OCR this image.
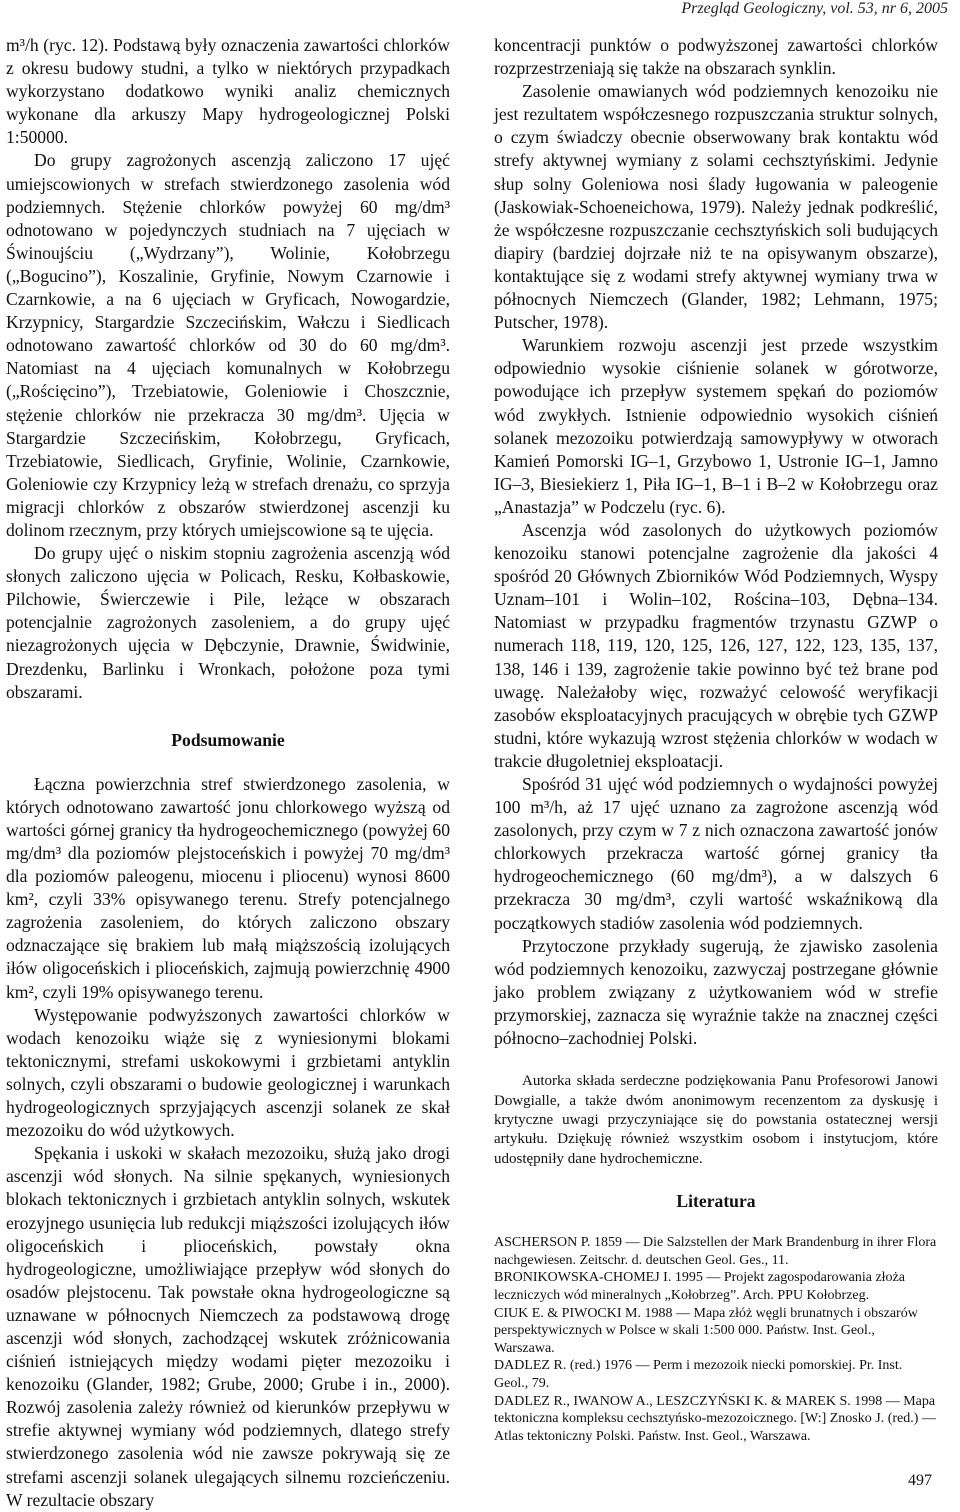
Przegląd Geologiczny, vol. 53, nr 6, 2005

m³/h (ryc. 12). Podstawą były oznaczenia zawartości chlorków z okresu budowy studni, a tylko w niektórych przypadkach wykorzystano dodatkowo wyniki analiz chemicznych wykonane dla arkuszy Mapy hydrogeologicznej Polski 1:50000.

Do grupy zagrożonych ascenzją zaliczono 17 ujęć umiejscowionych w strefach stwierdzonego zasolenia wód podziemnych. Stężenie chlorków powyżej 60 mg/dm³ odnotowano w pojedynczych studniach na 7 ujęciach w Świnoujściu („Wydrzany”), Wolinie, Kołobrzegu („Bogucino”), Koszalinie, Gryfinie, Nowym Czarnowie i Czarnkowie, a na 6 ujęciach w Gryficach, Nowogardzie, Krzypnicy, Stargardzie Szczecińskim, Wałczu i Siedlicach odnotowano zawartość chlorków od 30 do 60 mg/dm³. Natomiast na 4 ujęciach komunalnych w Kołobrzegu („Rościęcino”), Trzebiatowie, Goleniowie i Choszcznie, stężenie chlorków nie przekracza 30 mg/dm³. Ujęcia w Stargardzie Szczecińskim, Kołobrzegu, Gryficach, Trzebiatowie, Siedlicach, Gryfinie, Wolinie, Czarnkowie, Goleniowie czy Krzypnicy leżą w strefach drenażu, co sprzyja migracji chlorków z obszarów stwierdzonej ascenzji ku dolinom rzecznym, przy których umiejscowione są te ujęcia.

Do grupy ujęć o niskim stopniu zagrożenia ascenzją wód słonych zaliczono ujęcia w Policach, Resku, Kołbaskowie, Pilchowie, Świerczewie i Pile, leżące w obszarach potencjalnie zagrożonych zasoleniem, a do grupy ujęć niezagrożonych ujęcia w Dębczynie, Drawnie, Świdwinie, Drezdenku, Barlinku i Wronkach, położone poza tymi obszarami.

Podsumowanie

Łączna powierzchnia stref stwierdzonego zasolenia, w których odnotowano zawartość jonu chlorkowego wyższą od wartości górnej granicy tła hydrogeochemicznego (powyżej 60 mg/dm³ dla poziomów plejstoceńskich i powyżej 70 mg/dm³ dla poziomów paleogenu, miocenu i pliocenu) wynosi 8600 km², czyli 33% opisywanego terenu. Strefy potencjalnego zagrożenia zasoleniem, do których zaliczono obszary odznaczające się brakiem lub małą miąższością izolujących iłów oligoceńskich i plioceńskich, zajmują powierzchnię 4900 km², czyli 19% opisywanego terenu.

Występowanie podwyższonych zawartości chlorków w wodach kenozoiku wiąże się z wyniesionymi blokami tektonicznymi, strefami uskokowymi i grzbietami antyklin solnych, czyli obszarami o budowie geologicznej i warunkach hydrogeologicznych sprzyjających ascenzji solanek ze skał mezozoiku do wód użytkowych.

Spękania i uskoki w skałach mezozoiku, służą jako drogi ascenzji wód słonych. Na silnie spękanych, wyniesionych blokach tektonicznych i grzbietach antyklin solnych, wskutek erozyjnego usunięcia lub redukcji miąższości izolujących iłów oligoceńskich i plioceńskich, powstały okna hydrogeologiczne, umożliwiające przepływ wód słonych do osadów plejstocenu. Tak powstałe okna hydrogeologiczne są uznawane w północnych Niemczech za podstawową drogę ascenzji wód słonych, zachodzącej wskutek zróżnicowania ciśnień istniejących między wodami pięter mezozoiku i kenozoiku (Glander, 1982; Grube, 2000; Grube i in., 2000). Rozwój zasolenia zależy również od kierunków przepływu w strefie aktywnej wymiany wód podziemnych, dlatego strefy stwierdzonego zasolenia wód nie zawsze pokrywają się ze strefami ascenzji solanek ulegających silnemu rozcieńczeniu. W rezultacie obszary

koncentracji punktów o podwyższonej zawartości chlorków rozprzestrzeniają się także na obszarach synklin.

Zasolenie omawianych wód podziemnych kenozoiku nie jest rezultatem współczesnego rozpuszczania struktur solnych, o czym świadczy obecnie obserwowany brak kontaktu wód strefy aktywnej wymiany z solami cechsztyńskimi. Jedynie słup solny Goleniowa nosi ślady ługowania w paleogenie (Jaskowiak-Schoeneichowa, 1979). Należy jednak podkreślić, że współczesne rozpuszczanie cechsztyńskich soli budujących diapiry (bardziej dojrzałe niż te na opisywanym obszarze), kontaktujące się z wodami strefy aktywnej wymiany trwa w północnych Niemczech (Glander, 1982; Lehmann, 1975; Putscher, 1978).

Warunkiem rozwoju ascenzji jest przede wszystkim odpowiednio wysokie ciśnienie solanek w górotworze, powodujące ich przepływ systemem spękań do poziomów wód zwykłych. Istnienie odpowiednio wysokich ciśnień solanek mezozoiku potwierdzają samowypływy w otworach Kamień Pomorski IG–1, Grzybowo 1, Ustronie IG–1, Jamno IG–3, Biesiekierz 1, Piła IG–1, B–1 i B–2 w Kołobrzegu oraz „Anastazja” w Podczelu (ryc. 6).

Ascenzja wód zasolonych do użytkowych poziomów kenozoiku stanowi potencjalne zagrożenie dla jakości 4 spośród 20 Głównych Zbiorników Wód Podziemnych, Wyspy Uznam–101 i Wolin–102, Rościna–103, Dębna–134. Natomiast w przypadku fragmentów trzynastu GZWP o numerach 118, 119, 120, 125, 126, 127, 122, 123, 135, 137, 138, 146 i 139, zagrożenie takie powinno być też brane pod uwagę. Należałoby więc, rozważyć celowość weryfikacji zasobów eksploatacyjnych pracujących w obrębie tych GZWP studni, które wykazują wzrost stężenia chlorków w wodach w trakcie długoletniej eksploatacji.

Spośród 31 ujęć wód podziemnych o wydajności powyżej 100 m³/h, aż 17 ujęć uznano za zagrożone ascenzją wód zasolonych, przy czym w 7 z nich oznaczona zawartość jonów chlorkowych przekracza wartość górnej granicy tła hydrogeochemicznego (60 mg/dm³), a w dalszych 6 przekracza 30 mg/dm³, czyli wartość wskaźnikową dla początkowych stadiów zasolenia wód podziemnych.

Przytoczone przykłady sugerują, że zjawisko zasolenia wód podziemnych kenozoiku, zazwyczaj postrzegane głównie jako problem związany z użytkowaniem wód w strefie przymorskiej, zaznacza się wyraźnie także na znacznej części północno–zachodniej Polski.

Autorka składa serdeczne podziękowania Panu Profesorowi Janowi Dowgialle, a także dwóm anonimowym recenzentom za dyskusję i krytyczne uwagi przyczyniające się do powstania ostatecznej wersji artykułu. Dziękuję również wszystkim osobom i instytucjom, które udostępniły dane hydrochemiczne.

Literatura
ASCHERSON P. 1859 — Die Salzstellen der Mark Brandenburg in ihrer Flora nachgewiesen. Zeitschr. d. deutschen Geol. Ges., 11.
BRONIKOWSKA-CHOMEJ I. 1995 — Projekt zagospodarowania złoża leczniczych wód mineralnych „Kołobrzeg”. Arch. PPU Kołobrzeg.
CIUK E. & PIWOCKI M. 1988 — Mapa złóż węgli brunatnych i obszarów perspektywicznych w Polsce w skali 1:500 000. Państw. Inst. Geol., Warszawa.
DADLEZ R. (red.) 1976 — Perm i mezozoik niecki pomorskiej. Pr. Inst. Geol., 79.
DADLEZ R., IWANOW A., LESZCZYŃSKI K. & MAREK S. 1998 — Mapa tektoniczna kompleksu cechsztyńsko-mezozoicznego. [W:] Znosko J. (red.) — Atlas tektoniczny Polski. Państw. Inst. Geol., Warszawa.
497
